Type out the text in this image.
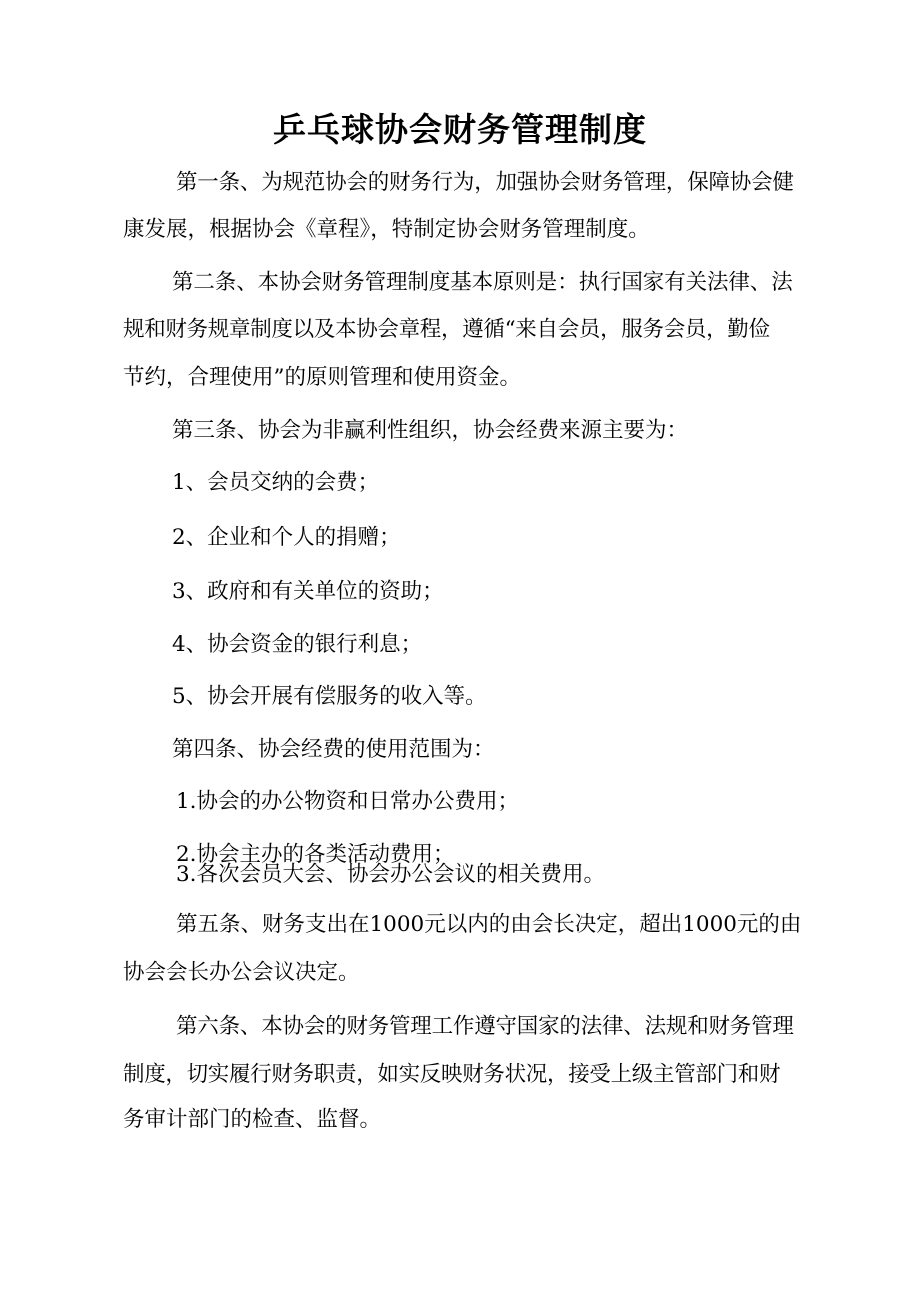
乒乓球协会财务管理制度
第一条、为规范协会的财务行为，加强协会财务管理，保障协会健
康发展，根据协会《章程》，特制定协会财务管理制度。
第二条、本协会财务管理制度基本原则是：执行国家有关法律、法
规和财务规章制度以及本协会章程，遵循“来自会员，服务会员，勤俭
节约，合理使用”的原则管理和使用资金。
第三条、协会为非赢利性组织，协会经费来源主要为：
1、会员交纳的会费；
2、企业和个人的捐赠；
3、政府和有关单位的资助；
4、协会资金的银行利息；
5、协会开展有偿服务的收入等。
第四条、协会经费的使用范围为：
1.协会的办公物资和日常办公费用；
2.协会主办的各类活动费用；
3.各次会员大会、协会办公会议的相关费用。
第五条、财务支出在1000元以内的由会长决定，超出1000元的由
协会会长办公会议决定。
第六条、本协会的财务管理工作遵守国家的法律、法规和财务管理
制度，切实履行财务职责，如实反映财务状况，接受上级主管部门和财
务审计部门的检查、监督。
